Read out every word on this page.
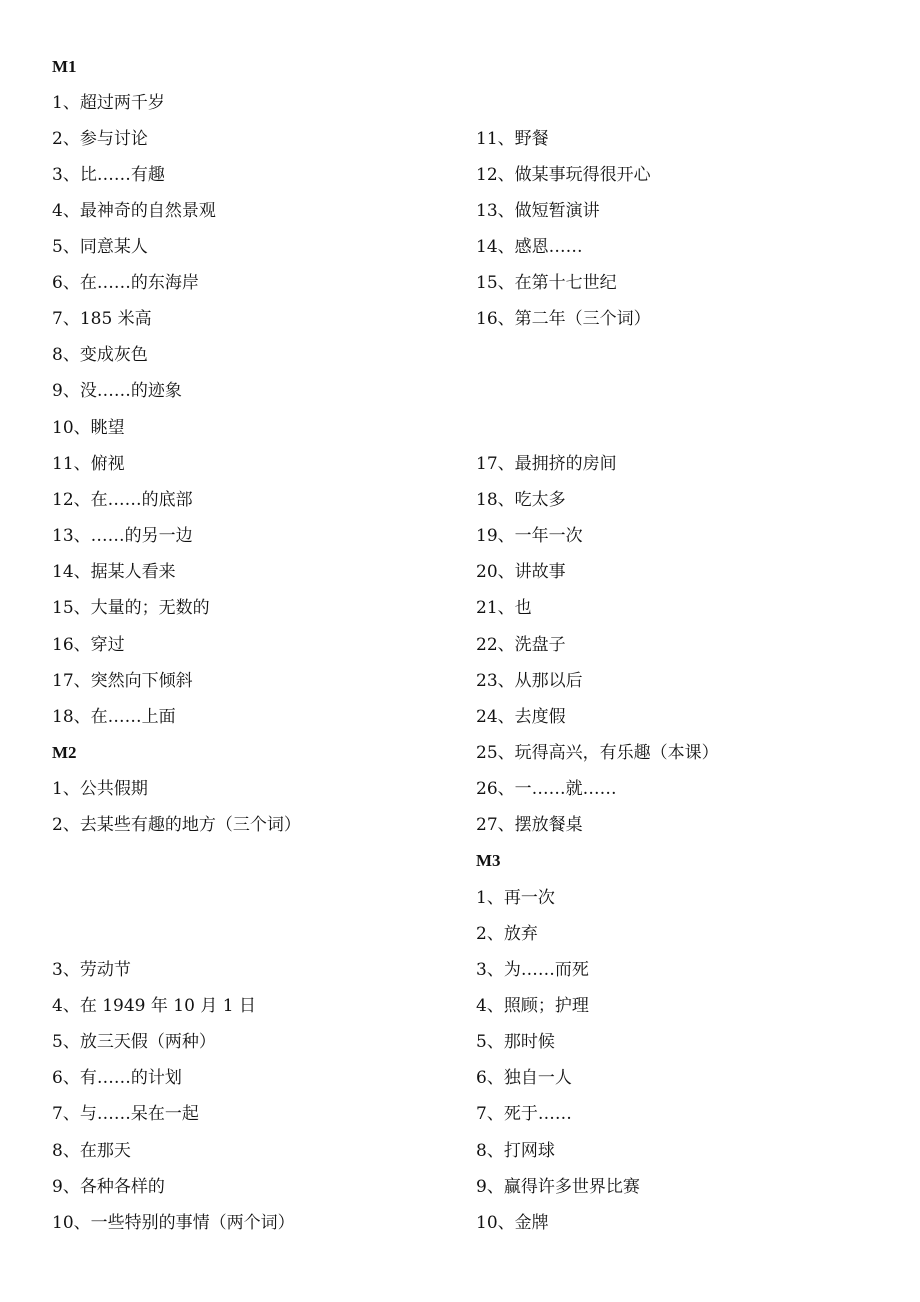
M1
1、超过两千岁
2、参与讨论
3、比……有趣
4、最神奇的自然景观
5、同意某人
6、在……的东海岸
7、185 米高
8、变成灰色
9、没……的迹象
10、眺望
11、俯视
12、在……的底部
13、……的另一边
14、据某人看来
15、大量的；无数的
16、穿过
17、突然向下倾斜
18、在……上面
M2
1、公共假期
2、去某些有趣的地方（三个词）
3、劳动节
4、在 1949 年 10 月 1 日
5、放三天假（两种）
6、有……的计划
7、与……呆在一起
8、在那天
9、各种各样的
10、一些特别的事情（两个词）
11、野餐
12、做某事玩得很开心
13、做短暂演讲
14、感恩……
15、在第十七世纪
16、第二年（三个词）
17、最拥挤的房间
18、吃太多
19、一年一次
20、讲故事
21、也
22、洗盘子
23、从那以后
24、去度假
25、玩得高兴，有乐趣（本课）
26、一……就……
27、摆放餐桌
M3
1、再一次
2、放弃
3、为……而死
4、照顾；护理
5、那时候
6、独自一人
7、死于……
8、打网球
9、赢得许多世界比赛
10、金牌
